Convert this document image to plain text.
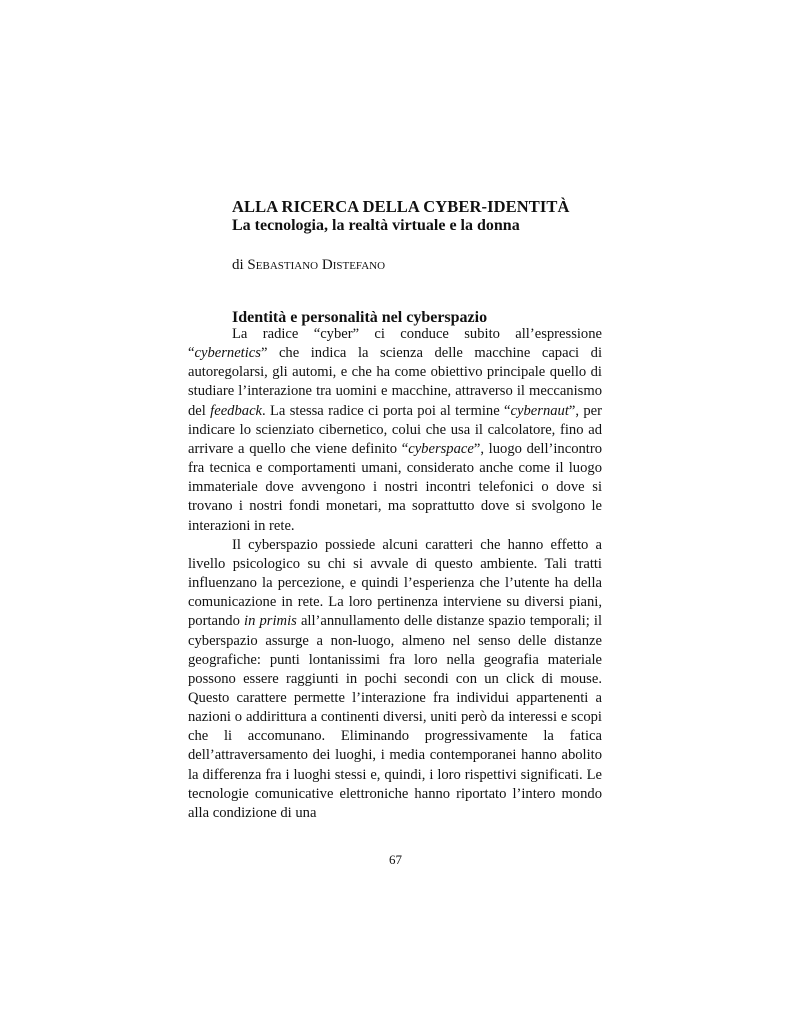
ALLA RICERCA DELLA CYBER-IDENTITÀ
La tecnologia, la realtà virtuale e la donna

di Sebastiano Distefano

Identità e personalità nel cyberspazio

La radice “cyber” ci conduce subito all’espressione “cybernetics” che indica la scienza delle macchine capaci di autoregolarsi, gli automi, e che ha come obiettivo principale quello di studiare l’interazione tra uomini e macchine, attraverso il meccanismo del feedback. La stessa radice ci porta poi al termine “cybernaut”, per indicare lo scienziato cibernetico, colui che usa il calcolatore, fino ad arrivare a quello che viene definito “cyberspace”, luogo dell’incontro fra tecnica e comportamenti umani, considerato anche come il luogo immateriale dove avvengono i nostri incontri telefonici o dove si trovano i nostri fondi monetari, ma soprattutto dove si svolgono le interazioni in rete.

Il cyberspazio possiede alcuni caratteri che hanno effetto a livello psicologico su chi si avvale di questo ambiente. Tali tratti influenzano la percezione, e quindi l’esperienza che l’utente ha della comunicazione in rete. La loro pertinenza interviene su diversi piani, portando in primis all’annullamento delle distanze spazio temporali; il cyberspazio assurge a non-luogo, almeno nel senso delle distanze geografiche: punti lontanissimi fra loro nella geografia materiale possono essere raggiunti in pochi secondi con un click di mouse. Questo carattere permette l’interazione fra individui appartenenti a nazioni o addirittura a continenti diversi, uniti però da interessi e scopi che li accomunano. Eliminando progressivamente la fatica dell’attraversamento dei luoghi, i media contemporanei hanno abolito la differenza fra i luoghi stessi e, quindi, i loro rispettivi significati. Le tecnologie comunicative elettroniche hanno riportato l’intero mondo alla condizione di una

67
